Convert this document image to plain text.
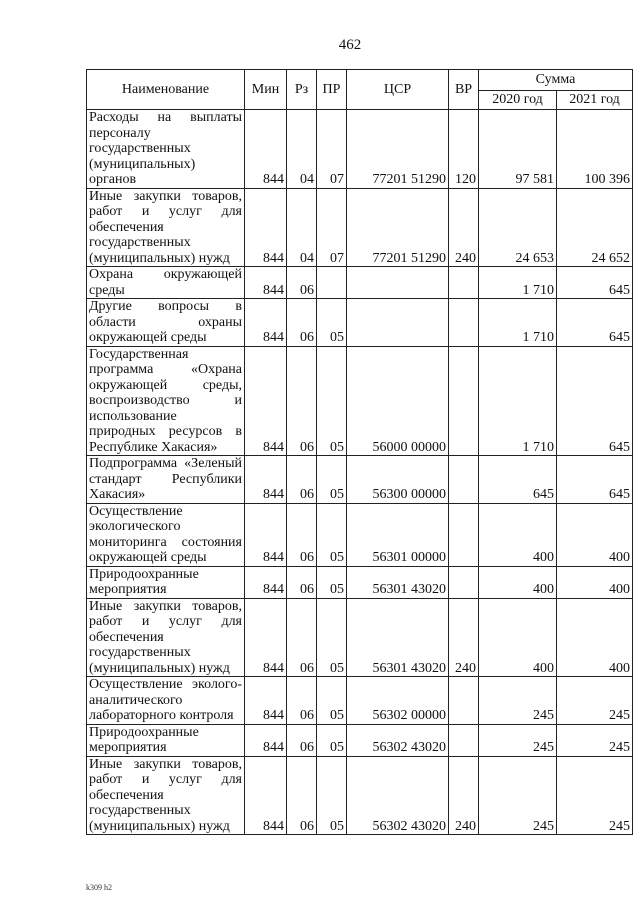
462
Наименование	Мин	Рз	ПР	ЦСР	ВР	Сумма	
						2020 год	2021 год
Расходы на выплаты персоналу государственных (муниципальных) органов	844	04	07	77201 51290	120	97 581	100 396
Иные закупки товаров, работ и услуг для обеспечения государственных (муниципальных) нужд	844	04	07	77201 51290	240	24 653	24 652
Охрана окружающей среды	844	06				1 710	645
Другие вопросы в области охраны окружающей среды	844	06	05			1 710	645
Государственная программа «Охрана окружающей среды, воспроизводство и использование природных ресурсов в Республике Хакасия»	844	06	05	56000 00000		1 710	645
Подпрограмма «Зеленый стандарт Республики Хакасия»	844	06	05	56300 00000		645	645
Осуществление экологического мониторинга состояния окружающей среды	844	06	05	56301 00000		400	400
Природоохранные мероприятия	844	06	05	56301 43020		400	400
Иные закупки товаров, работ и услуг для обеспечения государственных (муниципальных) нужд	844	06	05	56301 43020	240	400	400
Осуществление эколого-аналитического лабораторного контроля	844	06	05	56302 00000		245	245
Природоохранные мероприятия	844	06	05	56302 43020		245	245
Иные закупки товаров, работ и услуг для обеспечения государственных (муниципальных) нужд	844	06	05	56302 43020	240	245	245
k309 h2
